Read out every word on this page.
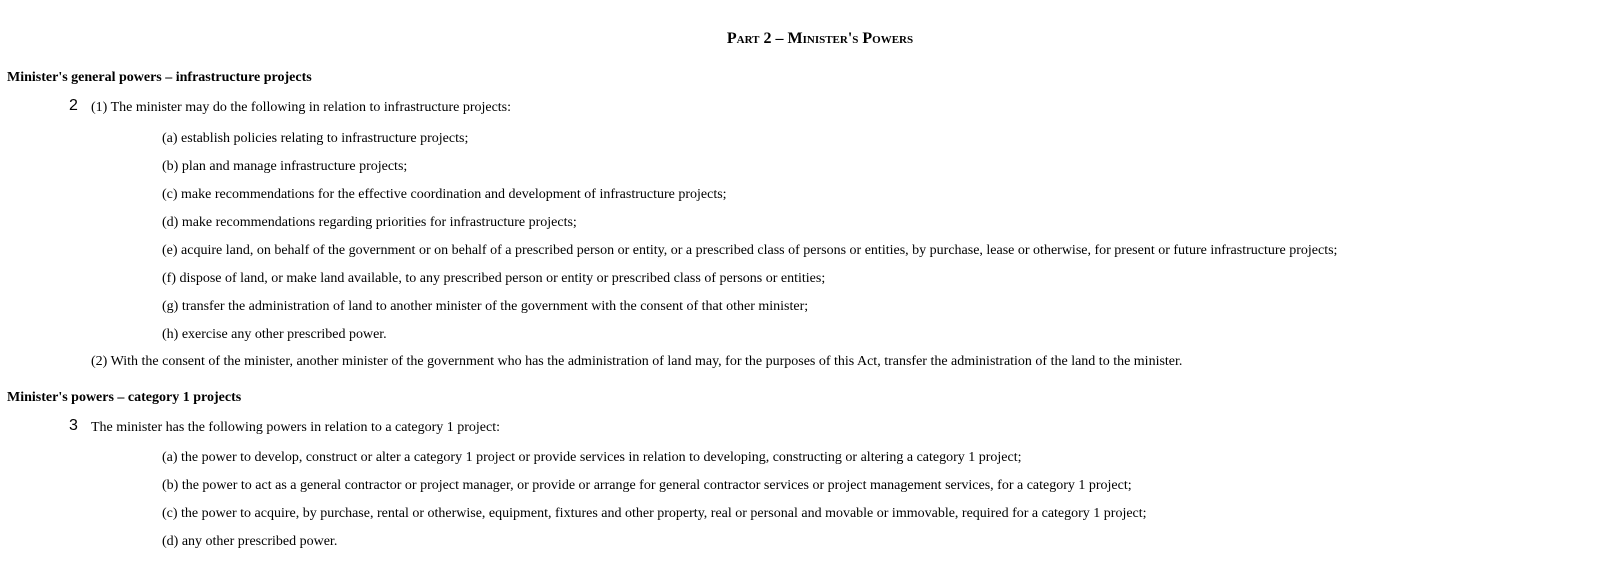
Part 2 – Minister's Powers
Minister's general powers – infrastructure projects
2 (1) The minister may do the following in relation to infrastructure projects:
(a) establish policies relating to infrastructure projects;
(b) plan and manage infrastructure projects;
(c) make recommendations for the effective coordination and development of infrastructure projects;
(d) make recommendations regarding priorities for infrastructure projects;
(e) acquire land, on behalf of the government or on behalf of a prescribed person or entity, or a prescribed class of persons or entities, by purchase, lease or otherwise, for present or future infrastructure projects;
(f) dispose of land, or make land available, to any prescribed person or entity or prescribed class of persons or entities;
(g) transfer the administration of land to another minister of the government with the consent of that other minister;
(h) exercise any other prescribed power.
(2) With the consent of the minister, another minister of the government who has the administration of land may, for the purposes of this Act, transfer the administration of the land to the minister.
Minister's powers – category 1 projects
3 The minister has the following powers in relation to a category 1 project:
(a) the power to develop, construct or alter a category 1 project or provide services in relation to developing, constructing or altering a category 1 project;
(b) the power to act as a general contractor or project manager, or provide or arrange for general contractor services or project management services, for a category 1 project;
(c) the power to acquire, by purchase, rental or otherwise, equipment, fixtures and other property, real or personal and movable or immovable, required for a category 1 project;
(d) any other prescribed power.
